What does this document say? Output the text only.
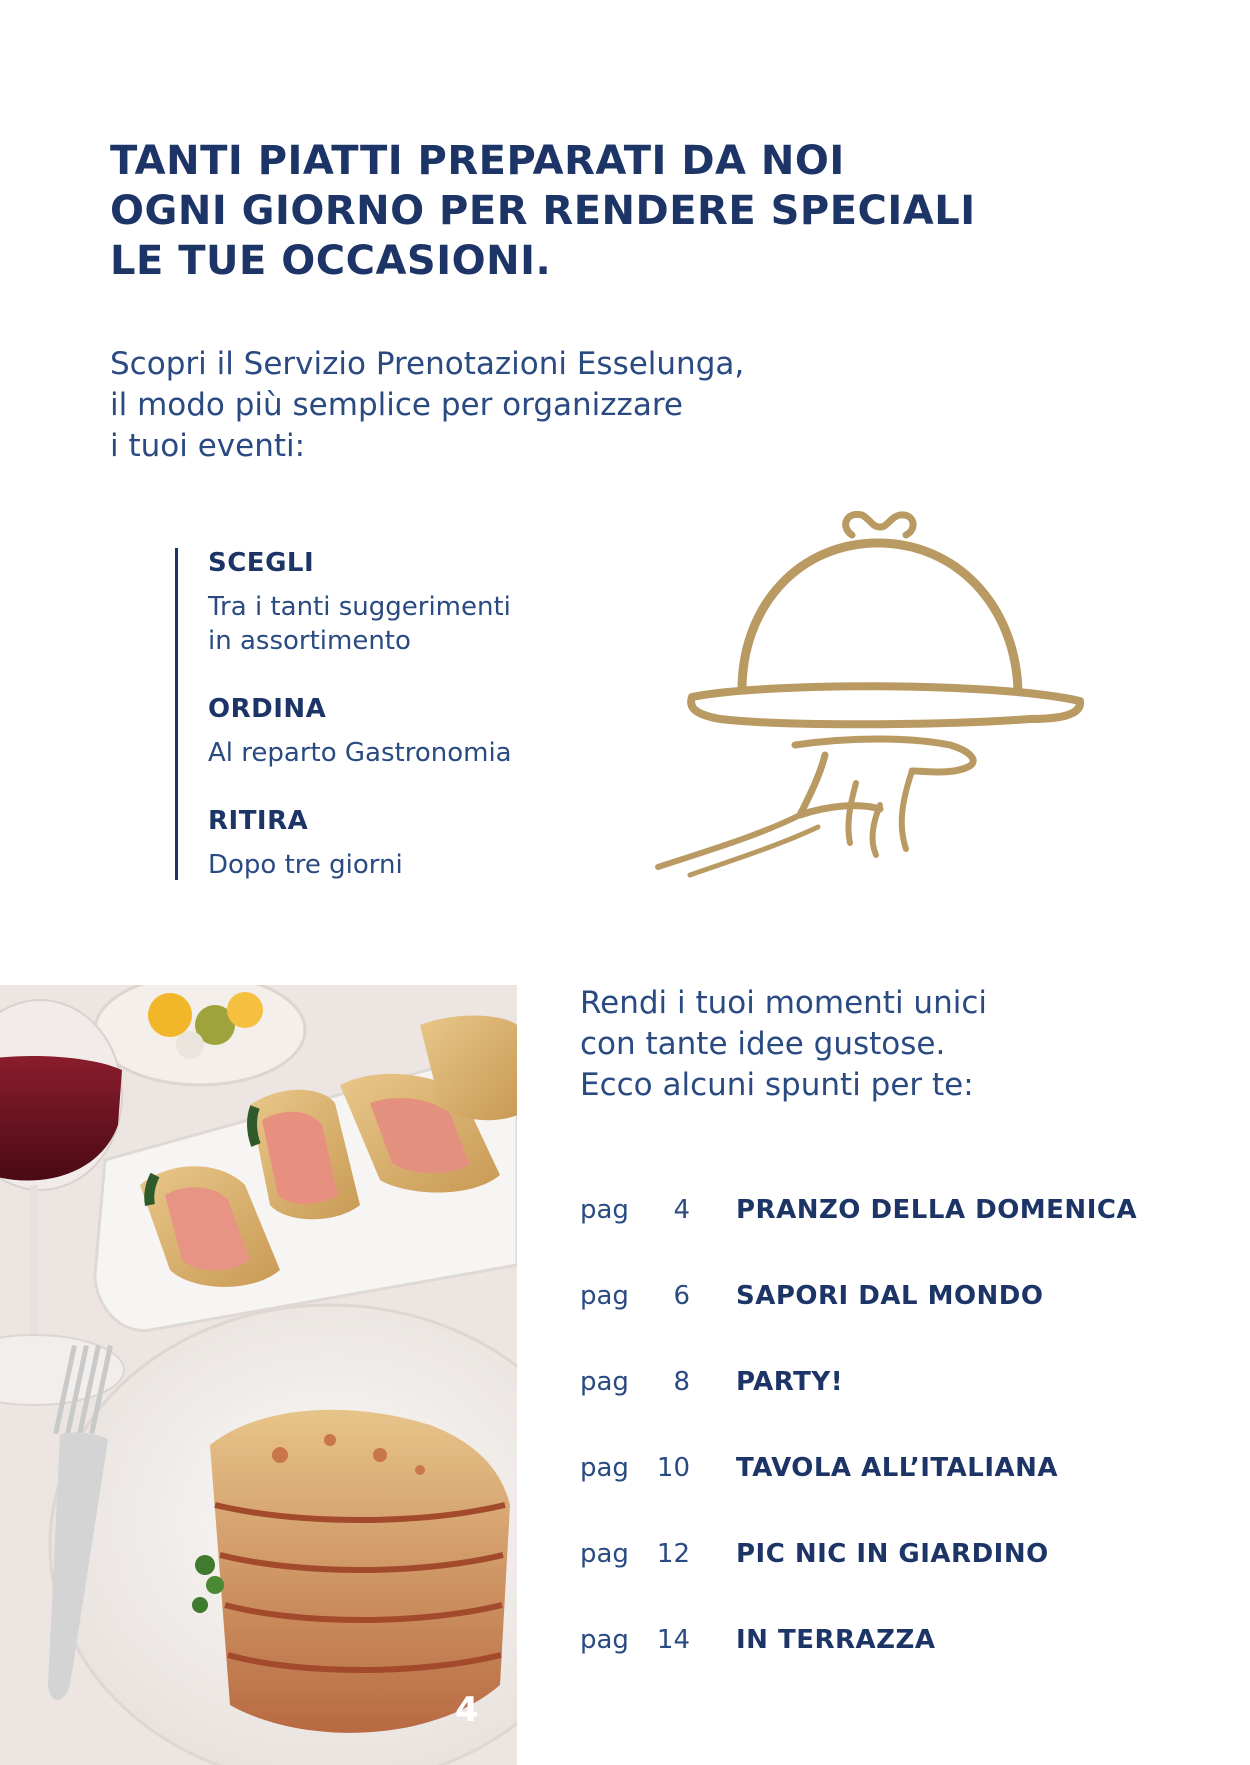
TANTI PIATTI PREPARATI DA NOI
OGNI GIORNO PER RENDERE SPECIALI
LE TUE OCCASIONI.
Scopri il Servizio Prenotazioni Esselunga,
il modo più semplice per organizzare
i tuoi eventi:
SCEGLI
Tra i tanti suggerimenti
in assortimento
ORDINA
Al reparto Gastronomia
RITIRA
Dopo tre giorni
4
Rendi i tuoi momenti unici
con tante idee gustose.
Ecco alcuni spunti per te:
pag 4 PRANZO DELLA DOMENICA
pag 6 SAPORI DAL MONDO
pag 8 PARTY!
pag 10 TAVOLA ALL’ITALIANA
pag 12 PIC NIC IN GIARDINO
pag 14 IN TERRAZZA
